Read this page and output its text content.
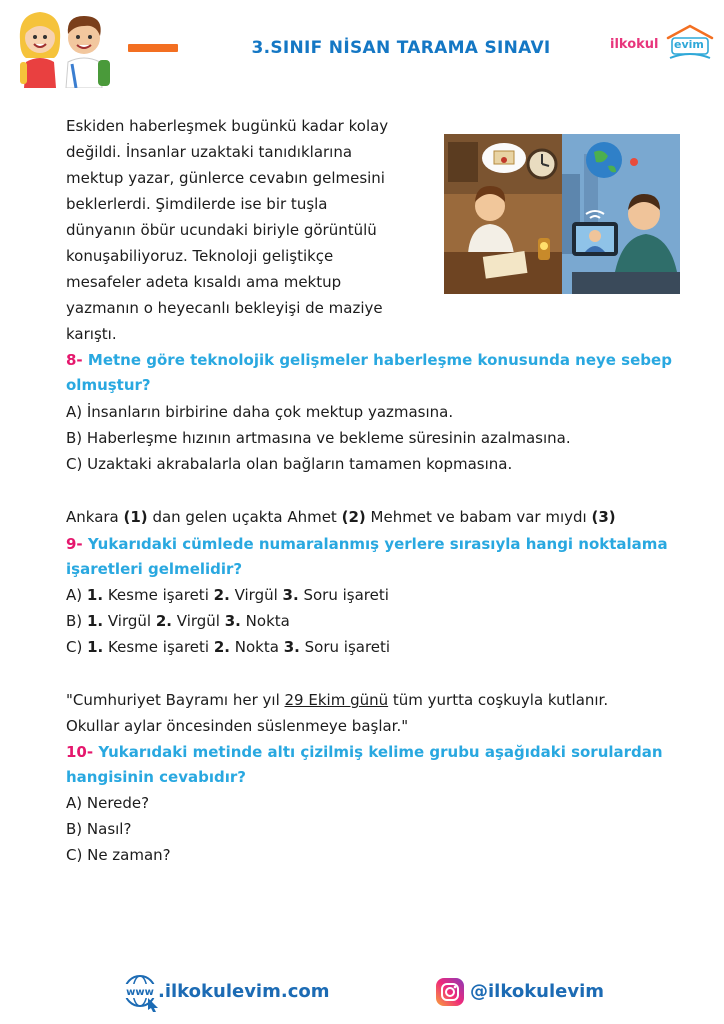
3.SINIF NİSAN TARAMA SINAVI	ilkokul evim
Eskiden haberleşmek bugünkü kadar kolay
değildi. İnsanlar uzaktaki tanıdıklarına
mektup yazar, günlerce cevabın gelmesini
beklerlerdi. Şimdilerde ise bir tuşla
dünyanın öbür ucundaki biriyle görüntülü
konuşabiliyoruz. Teknoloji geliştikçe
mesafeler adeta kısaldı ama mektup
yazmanın o heyecanlı bekleyişi de maziye
karıştı.
8- Metne göre teknolojik gelişmeler haberleşme konusunda neye sebep
olmuştur?
A) İnsanların birbirine daha çok mektup yazmasına.
B) Haberleşme hızının artmasına ve bekleme süresinin azalmasına.
C) Uzaktaki akrabalarla olan bağların tamamen kopmasına.
Ankara (1) dan gelen uçakta Ahmet (2) Mehmet ve babam var mıydı (3)
9- Yukarıdaki cümlede numaralanmış yerlere sırasıyla hangi noktalama
işaretleri gelmelidir?
A) 1. Kesme işareti 2. Virgül 3. Soru işareti
B) 1. Virgül 2. Virgül 3. Nokta
C) 1. Kesme işareti 2. Nokta 3. Soru işareti
"Cumhuriyet Bayramı her yıl 29 Ekim günü tüm yurtta coşkuyla kutlanır.
Okullar aylar öncesinden süslenmeye başlar."
10- Yukarıdaki metinde altı çizilmiş kelime grubu aşağıdaki sorulardan
hangisinin cevabıdır?
A) Nerede?
B) Nasıl?
C) Ne zaman?
www .ilkokulevim.com	@ilkokulevim
